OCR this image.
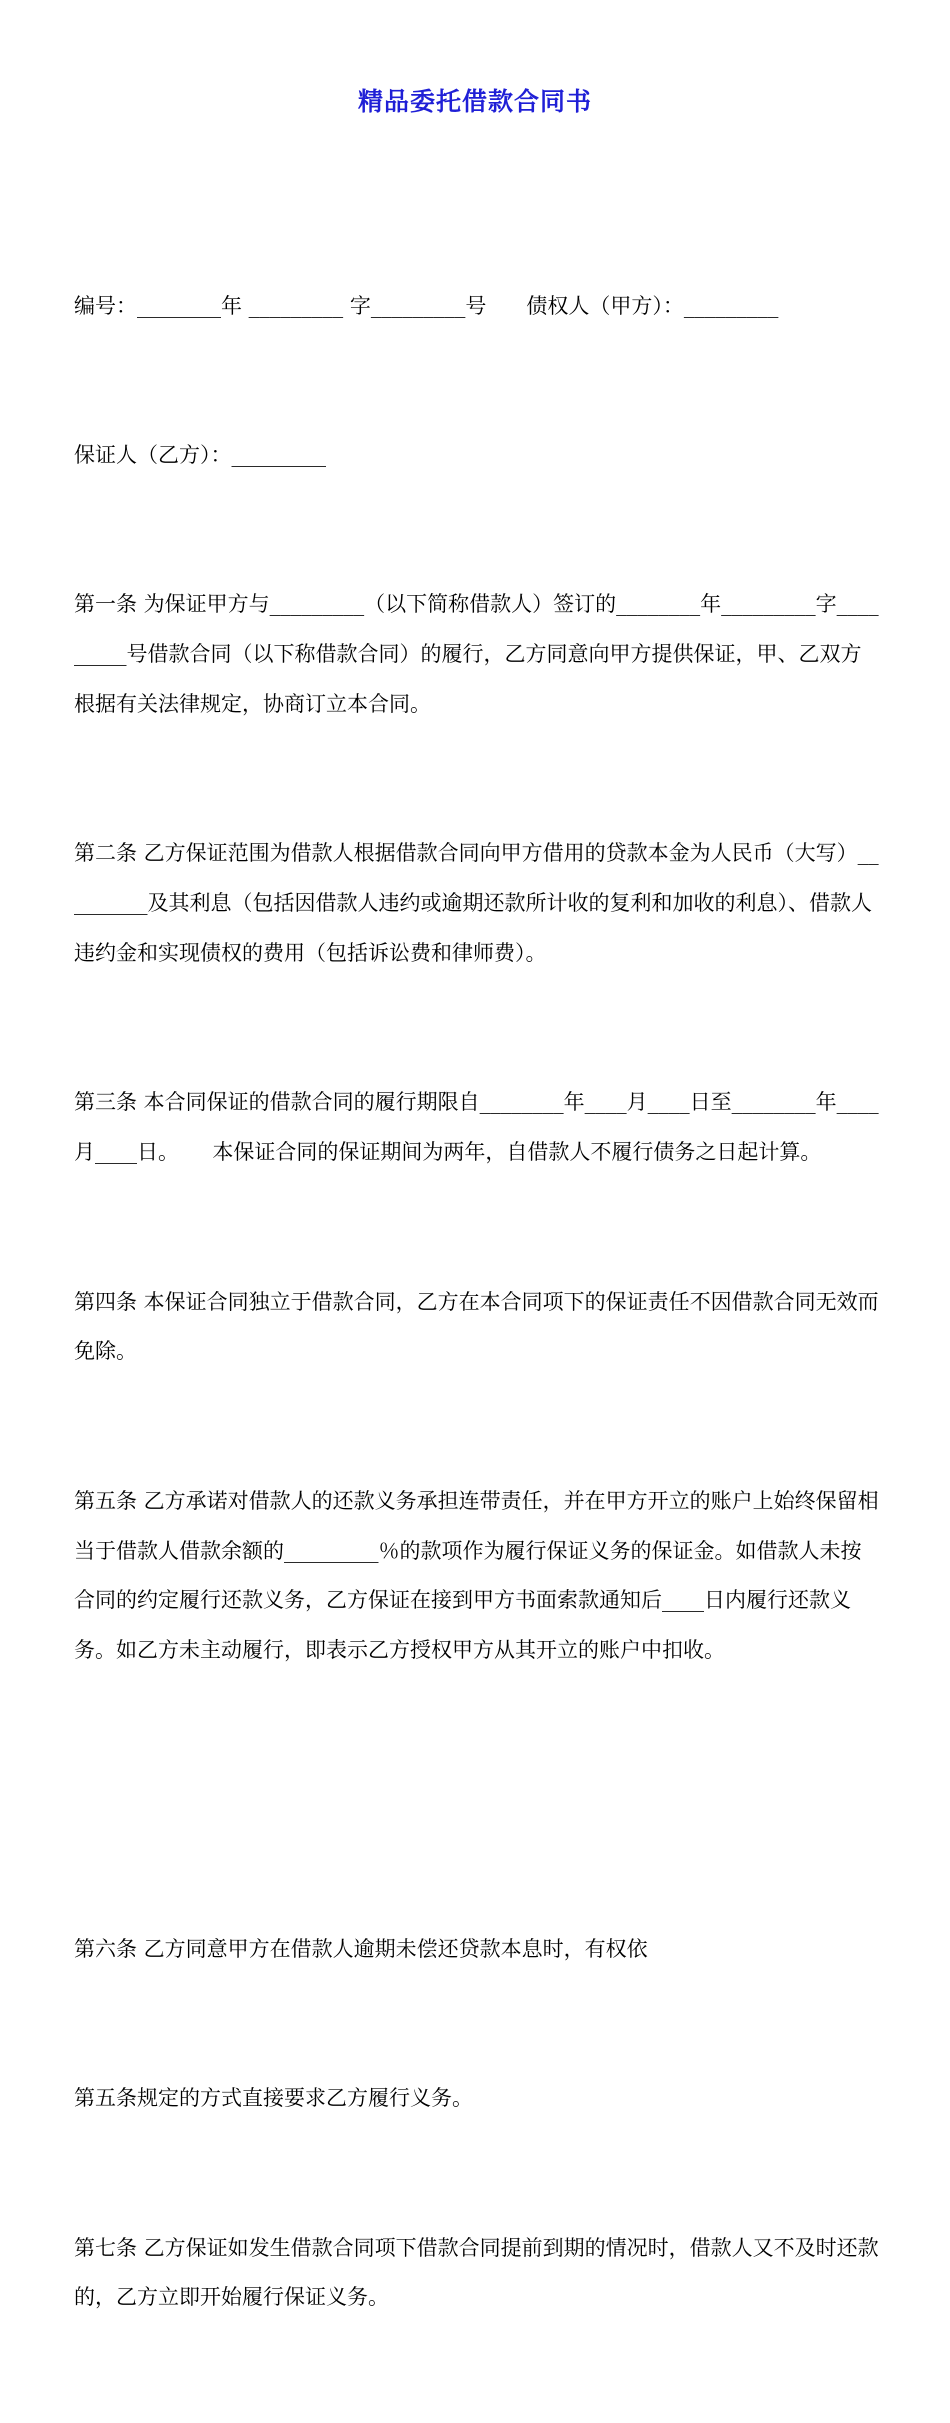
精品委托借款合同书

编号：________年 _________ 字_________号      债权人（甲方）：_________

保证人（乙方）：_________

第一条 为保证甲方与_________（以下简称借款人）签订的________年_________字_________号借款合同（以下称借款合同）的履行，乙方同意向甲方提供保证，甲、乙双方根据有关法律规定，协商订立本合同。

第二条 乙方保证范围为借款人根据借款合同向甲方借用的贷款本金为人民币（大写）_________及其利息（包括因借款人违约或逾期还款所计收的复利和加收的利息）、借款人违约金和实现债权的费用（包括诉讼费和律师费）。

第三条 本合同保证的借款合同的履行期限自________年____月____日至________年____月____日。     本保证合同的保证期间为两年，自借款人不履行债务之日起计算。

第四条 本保证合同独立于借款合同，乙方在本合同项下的保证责任不因借款合同无效而免除。

第五条 乙方承诺对借款人的还款义务承担连带责任，并在甲方开立的账户上始终保留相当于借款人借款余额的_________％的款项作为履行保证义务的保证金。如借款人未按合同的约定履行还款义务，乙方保证在接到甲方书面索款通知后____日内履行还款义务。如乙方未主动履行，即表示乙方授权甲方从其开立的账户中扣收。

第六条 乙方同意甲方在借款人逾期未偿还贷款本息时，有权依

第五条规定的方式直接要求乙方履行义务。

第七条 乙方保证如发生借款合同项下借款合同提前到期的情况时，借款人又不及时还款的，乙方立即开始履行保证义务。
